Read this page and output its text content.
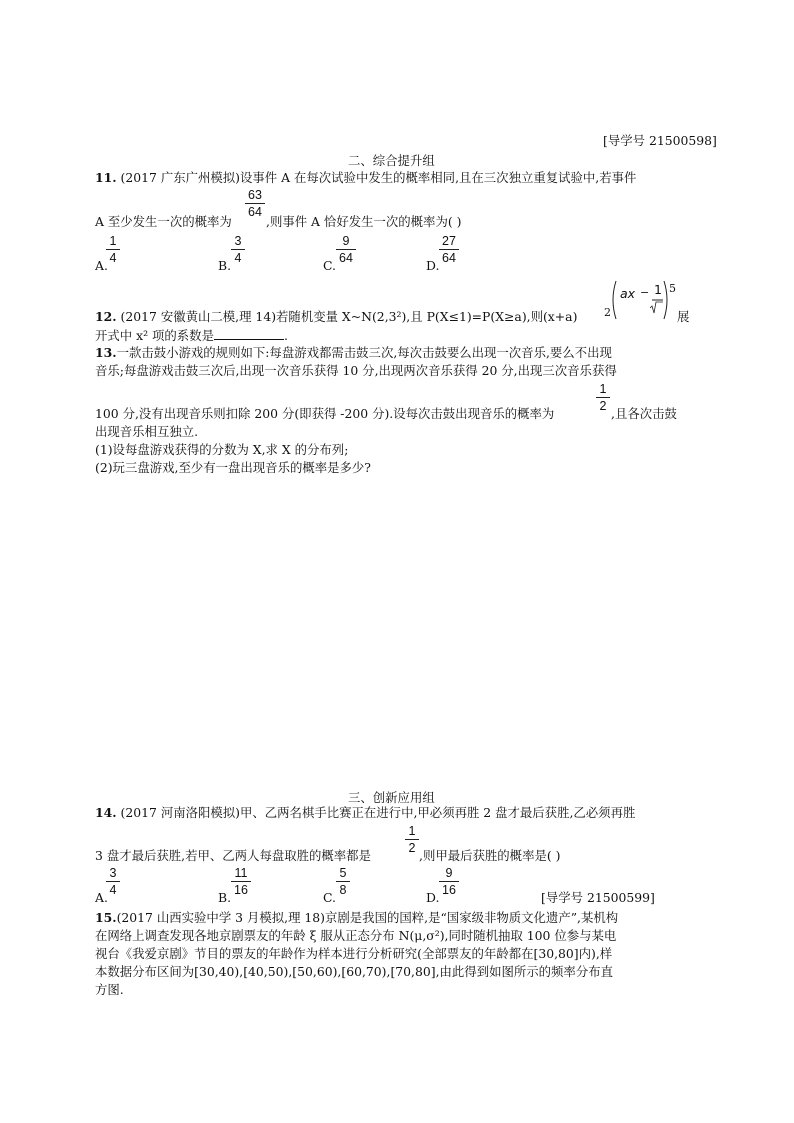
[导学号 21500598]
二、综合提升组
11. (2017 广东广州模拟)设事件 A 在每次试验中发生的概率相同,且在三次独立重复试验中,若事件
63
64
A 至少发生一次的概率为	,则事件 A 恰好发生一次的概率为( )
A.
1
4	B.
3
4	C.
9
64	D.
27
64
12. (2017 安徽黄山二模,理 14)若随机变量 X~N(2,3²),且 P(X≤1)=P(X≥a),则(x+a) 2
ax − 1 5
展
开式中 x² 项的系数是	.
13.一款击鼓小游戏的规则如下:每盘游戏都需击鼓三次,每次击鼓要么出现一次音乐,要么不出现
音乐;每盘游戏击鼓三次后,出现一次音乐获得 10 分,出现两次音乐获得 20 分,出现三次音乐获得
1
2
100 分,没有出现音乐则扣除 200 分(即获得 -200 分).设每次击鼓出现音乐的概率为	,且各次击鼓
出现音乐相互独立.
(1)设每盘游戏获得的分数为 X,求 X 的分布列;
(2)玩三盘游戏,至少有一盘出现音乐的概率是多少?
三、创新应用组
14. (2017 河南洛阳模拟)甲、乙两名棋手比赛正在进行中,甲必须再胜 2 盘才最后获胜,乙必须再胜
1
2
3 盘才最后获胜,若甲、乙两人每盘取胜的概率都是	,则甲最后获胜的概率是( )
A.
3
4	B.
11
16	C.
5
8	D.
9
16	[导学号 21500599]
15.(2017 山西实验中学 3 月模拟,理 18)京剧是我国的国粹,是“国家级非物质文化遗产”,某机构
在网络上调查发现各地京剧票友的年龄 ξ 服从正态分布 N(μ,σ²),同时随机抽取 100 位参与某电
视台《我爱京剧》节目的票友的年龄作为样本进行分析研究(全部票友的年龄都在[30,80]内),样
本数据分布区间为[30,40),[40,50),[50,60),[60,70),[70,80],由此得到如图所示的频率分布直
方图.
